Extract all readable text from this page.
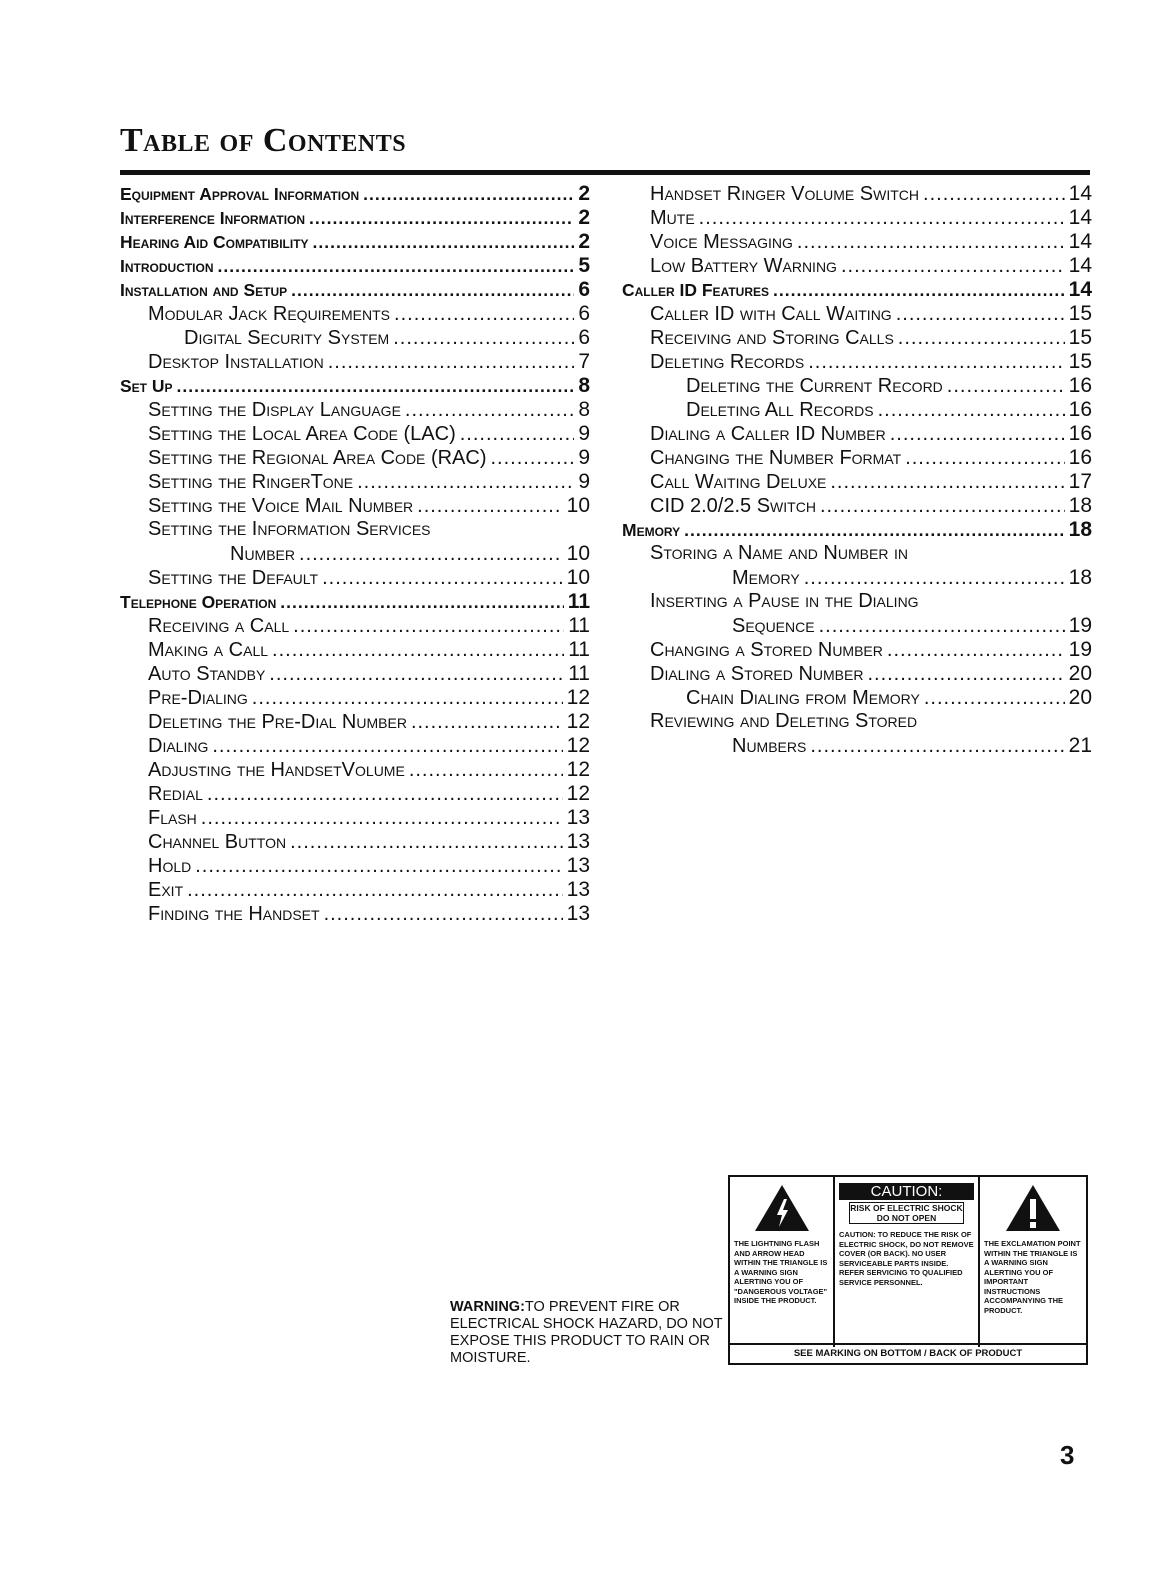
Table of Contents
Equipment Approval Information .....	2
Interference Information .....	2
Hearing Aid Compatibility .....	2
Introduction .....	5
Installation and Setup .....	6
Modular Jack Requirements .....	6
Digital Security System .....	6
Desktop Installation .....	7
Set Up .....	8
Setting the Display Language .....	8
Setting the Local Area Code (LAC) .....	9
Setting the Regional Area Code (RAC) .....	9
Setting the RingerTone .....	9
Setting the Voice Mail Number .....	10
Setting the Information Services
Number .....	10
Setting the Default .....	10
Telephone Operation .....	11
Receiving a Call .....	11
Making a Call .....	11
Auto Standby .....	11
Pre-Dialing .....	12
Deleting the Pre-Dial Number .....	12
Dialing .....	12
Adjusting the HandsetVolume .....	12
Redial .....	12
Flash .....	13
Channel Button .....	13
Hold .....	13
Exit .....	13
Finding the Handset .....	13
Handset Ringer Volume Switch .....	14
Mute .....	14
Voice Messaging .....	14
Low Battery Warning .....	14
Caller ID Features .....	14
Caller ID with Call Waiting .....	15
Receiving and Storing Calls .....	15
Deleting Records .....	15
Deleting the Current Record .....	16
Deleting All Records .....	16
Dialing a Caller ID Number .....	16
Changing the Number Format .....	16
Call Waiting Deluxe .....	17
CID 2.0/2.5 Switch .....	18
Memory .....	18
Storing a Name and Number in
Memory .....	18
Inserting a Pause in the Dialing
Sequence .....	19
Changing a Stored Number .....	19
Dialing a Stored Number .....	20
Chain Dialing from Memory .....	20
Reviewing and Deleting Stored
Numbers .....	21
WARNING:TO PREVENT FIRE OR ELECTRICAL SHOCK HAZARD, DO NOT EXPOSE THIS PRODUCT TO RAIN OR MOISTURE.
THE LIGHTNING FLASH AND ARROW HEAD WITHIN THE TRIANGLE IS A WARNING SIGN ALERTING YOU OF "DANGEROUS VOLTAGE" INSIDE THE PRODUCT.
CAUTION:
RISK OF ELECTRIC SHOCK
DO NOT OPEN
CAUTION: TO REDUCE THE RISK OF ELECTRIC SHOCK, DO NOT REMOVE COVER (OR BACK). NO USER SERVICEABLE PARTS INSIDE. REFER SERVICING TO QUALIFIED SERVICE PERSONNEL.
THE EXCLAMATION POINT WITHIN THE TRIANGLE IS A WARNING SIGN ALERTING YOU OF IMPORTANT INSTRUCTIONS ACCOMPANYING THE PRODUCT.
SEE MARKING ON BOTTOM / BACK OF PRODUCT
3
